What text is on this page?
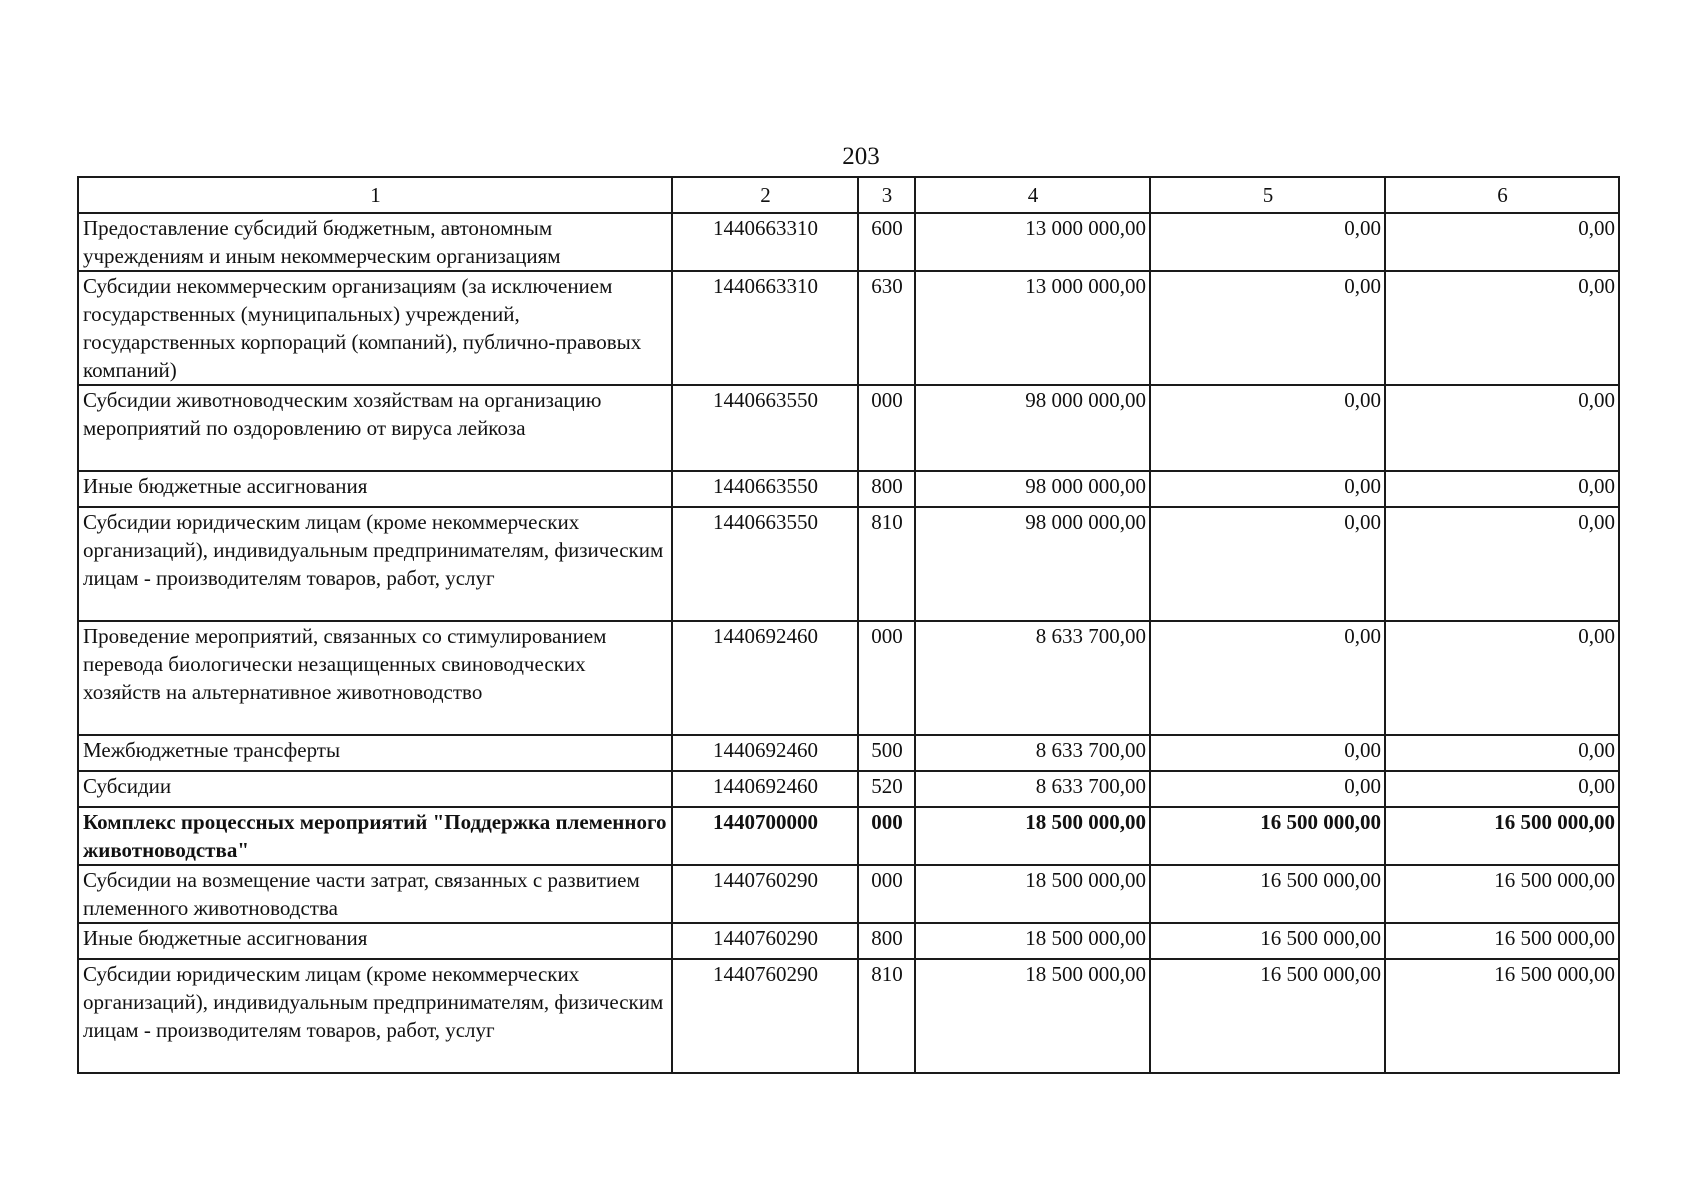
203
1	2	3	4	5	6
Предоставление субсидий бюджетным, автономным учреждениям и иным некоммерческим организациям	1440663310	600	13 000 000,00	0,00	0,00
Субсидии некоммерческим организациям (за исключением государственных (муниципальных) учреждений, государственных корпораций (компаний), публично-правовых компаний)	1440663310	630	13 000 000,00	0,00	0,00
Субсидии животноводческим хозяйствам на организацию мероприятий по оздоровлению от вируса лейкоза	1440663550	000	98 000 000,00	0,00	0,00
Иные бюджетные ассигнования	1440663550	800	98 000 000,00	0,00	0,00
Субсидии юридическим лицам (кроме некоммерческих организаций), индивидуальным предпринимателям, физическим лицам - производителям товаров, работ, услуг	1440663550	810	98 000 000,00	0,00	0,00
Проведение мероприятий, связанных со стимулированием перевода биологически незащищенных свиноводческих хозяйств на альтернативное животноводство	1440692460	000	8 633 700,00	0,00	0,00
Межбюджетные трансферты	1440692460	500	8 633 700,00	0,00	0,00
Субсидии	1440692460	520	8 633 700,00	0,00	0,00
Комплекс процессных мероприятий "Поддержка племенного животноводства"	1440700000	000	18 500 000,00	16 500 000,00	16 500 000,00
Субсидии на возмещение части затрат, связанных с развитием племенного животноводства	1440760290	000	18 500 000,00	16 500 000,00	16 500 000,00
Иные бюджетные ассигнования	1440760290	800	18 500 000,00	16 500 000,00	16 500 000,00
Субсидии юридическим лицам (кроме некоммерческих организаций), индивидуальным предпринимателям, физическим лицам - производителям товаров, работ, услуг	1440760290	810	18 500 000,00	16 500 000,00	16 500 000,00
